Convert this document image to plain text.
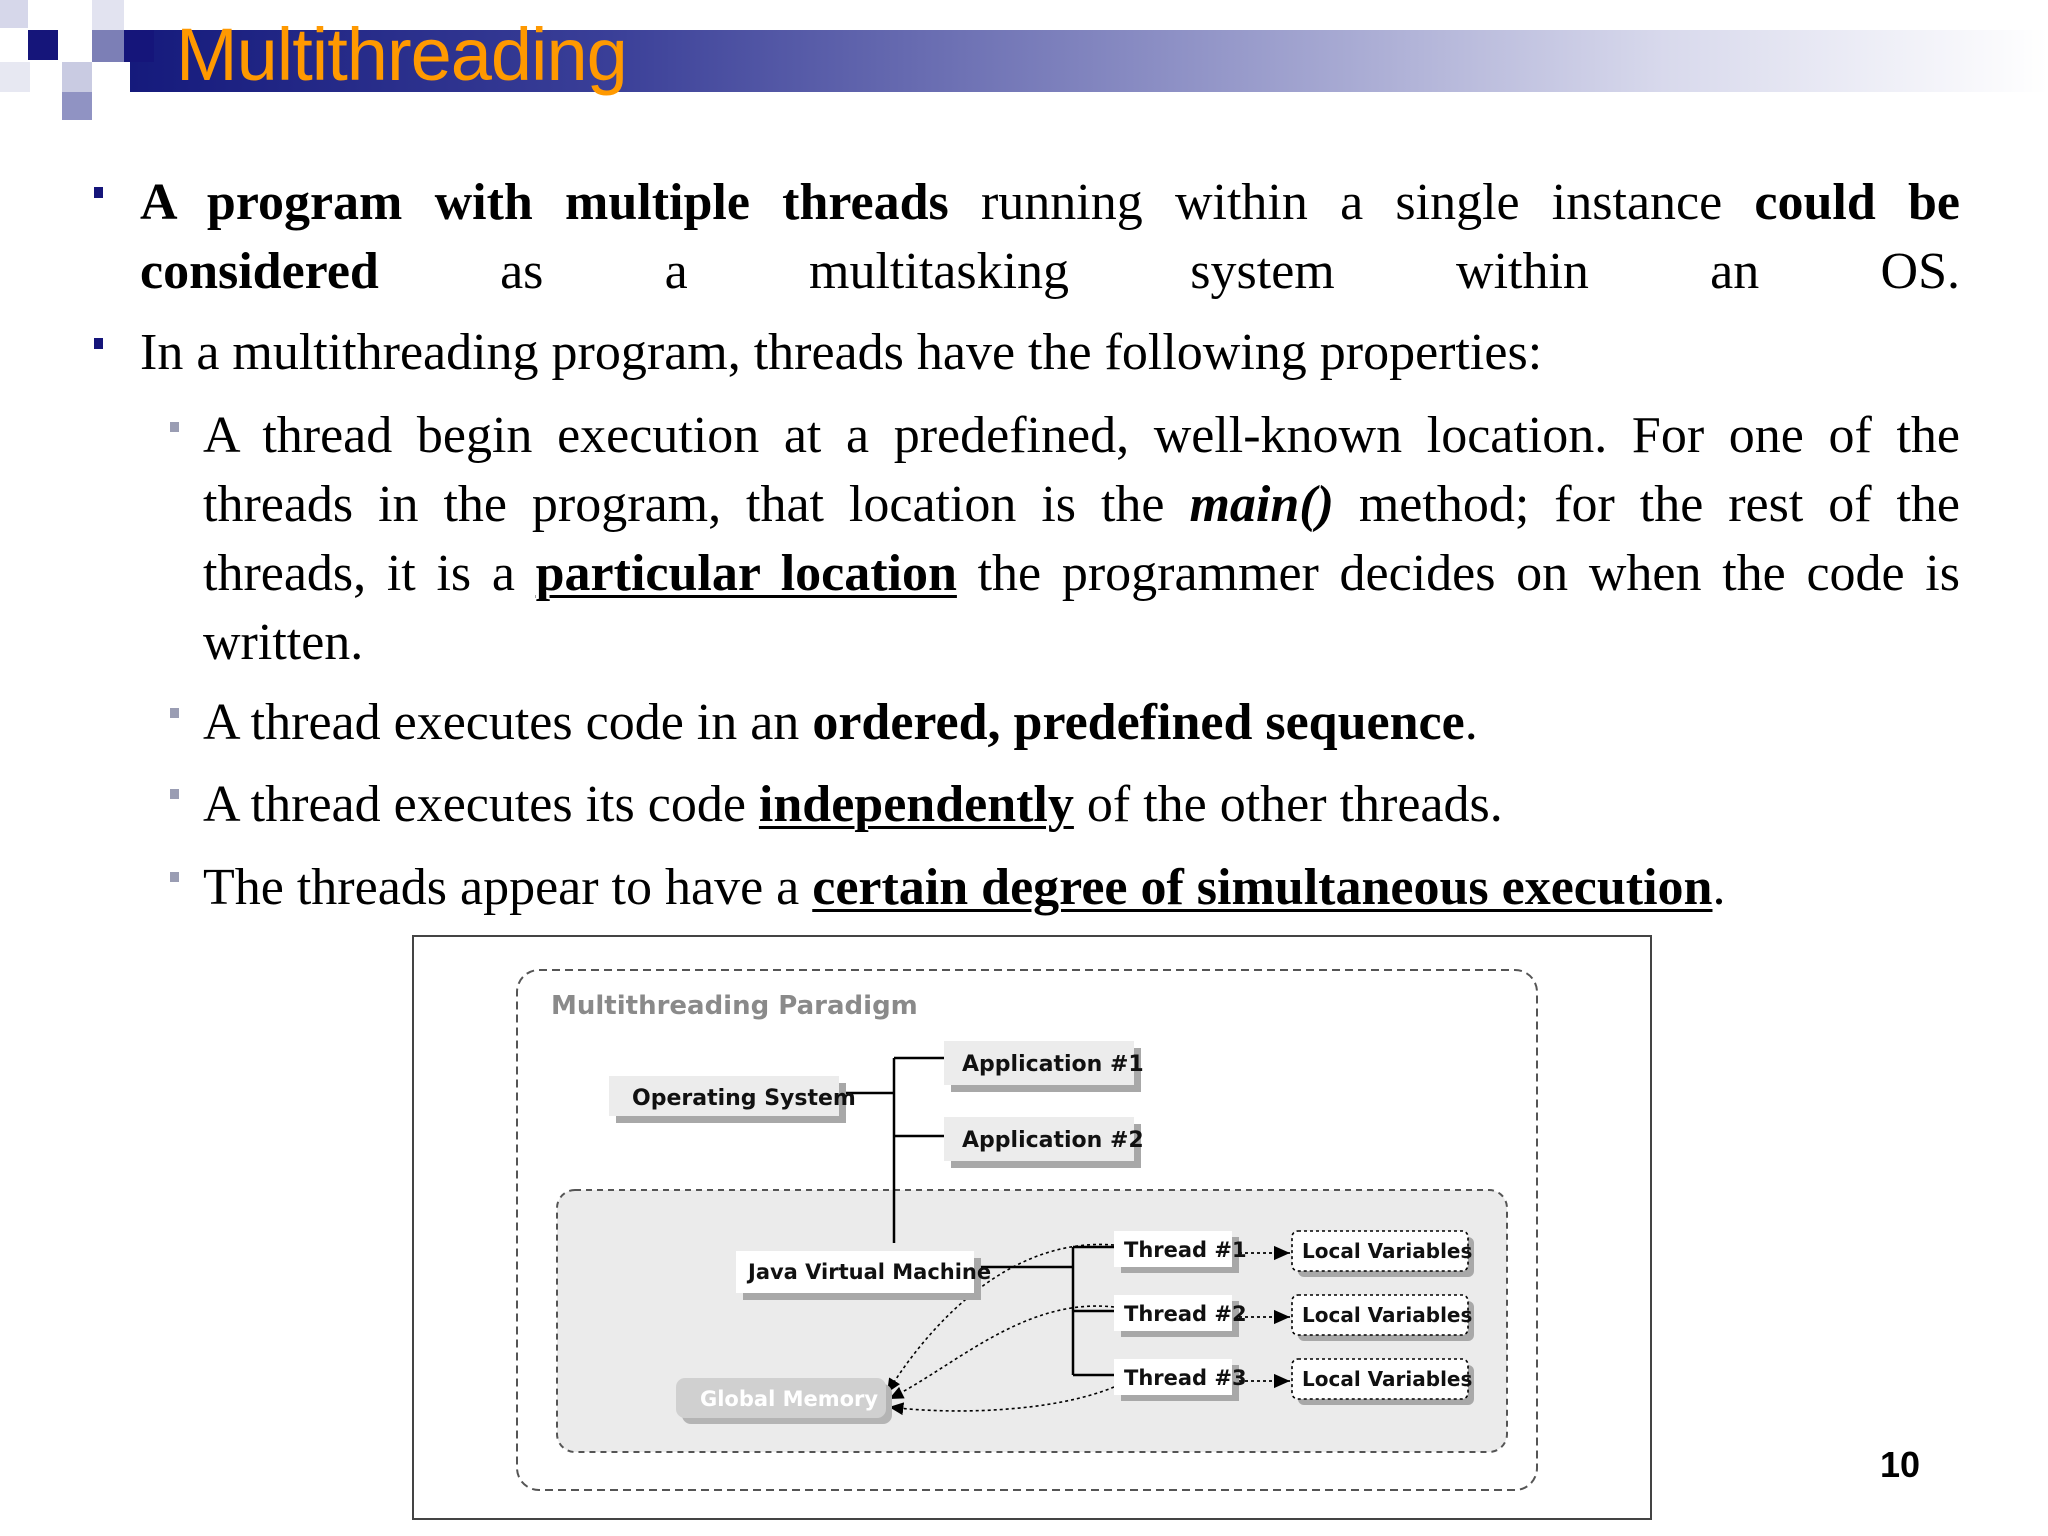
Multithreading
A program with multiple threads running within a single instance could be considered as a multitasking system within an OS.
In a multithreading program, threads have the following properties:
A thread begin execution at a predefined, well-known location. For one of the threads in the program, that location is the main() method; for the rest of the threads, it is a particular location the programmer decides on when the code is written.
A thread executes code in an ordered, predefined sequence.
A thread executes its code independently of the other threads.
The threads appear to have a certain degree of simultaneous execution.
Multithreading Paradigm
Operating System
Application #1
Application #2
Java Virtual Machine
Global Memory
Thread #1
Thread #2
Thread #3
Local Variables
Local Variables
Local Variables
10
